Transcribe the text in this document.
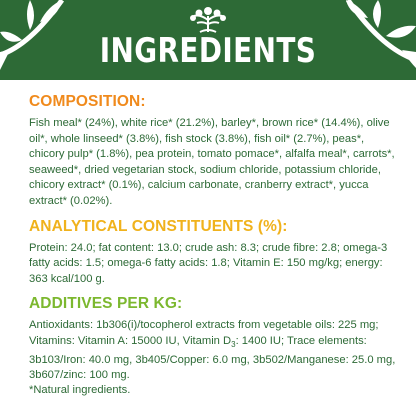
INGREDIENTS
COMPOSITION:

Fish meal* (24%), white rice* (21.2%), barley*, brown rice* (14.4%), olive oil*, whole linseed* (3.8%), fish stock (3.8%), fish oil* (2.7%), peas*, chicory pulp* (1.8%), pea protein, tomato pomace*, alfalfa meal*, carrots*, seaweed*, dried vegetarian stock, sodium chloride, potassium chloride, chicory extract* (0.1%), calcium carbonate, cranberry extract*, yucca extract* (0.02%).

ANALYTICAL CONSTITUENTS (%):

Protein: 24.0; fat content: 13.0; crude ash: 8.3; crude fibre: 2.8; omega-3 fatty acids: 1.5; omega-6 fatty acids: 1.8; Vitamin E: 150 mg/kg; energy: 363 kcal/100 g.

ADDITIVES PER KG:

Antioxidants: 1b306(i)/tocopherol extracts from vegetable oils: 225 mg; Vitamins: Vitamin A: 15000 IU, Vitamin $D_3$: 1400 IU; Trace elements: 3b103/Iron: 40.0 mg, 3b405/Copper: 6.0 mg, 3b502/Manganese: 25.0 mg, 3b607/zinc: 100 mg.

*Natural ingredients.
